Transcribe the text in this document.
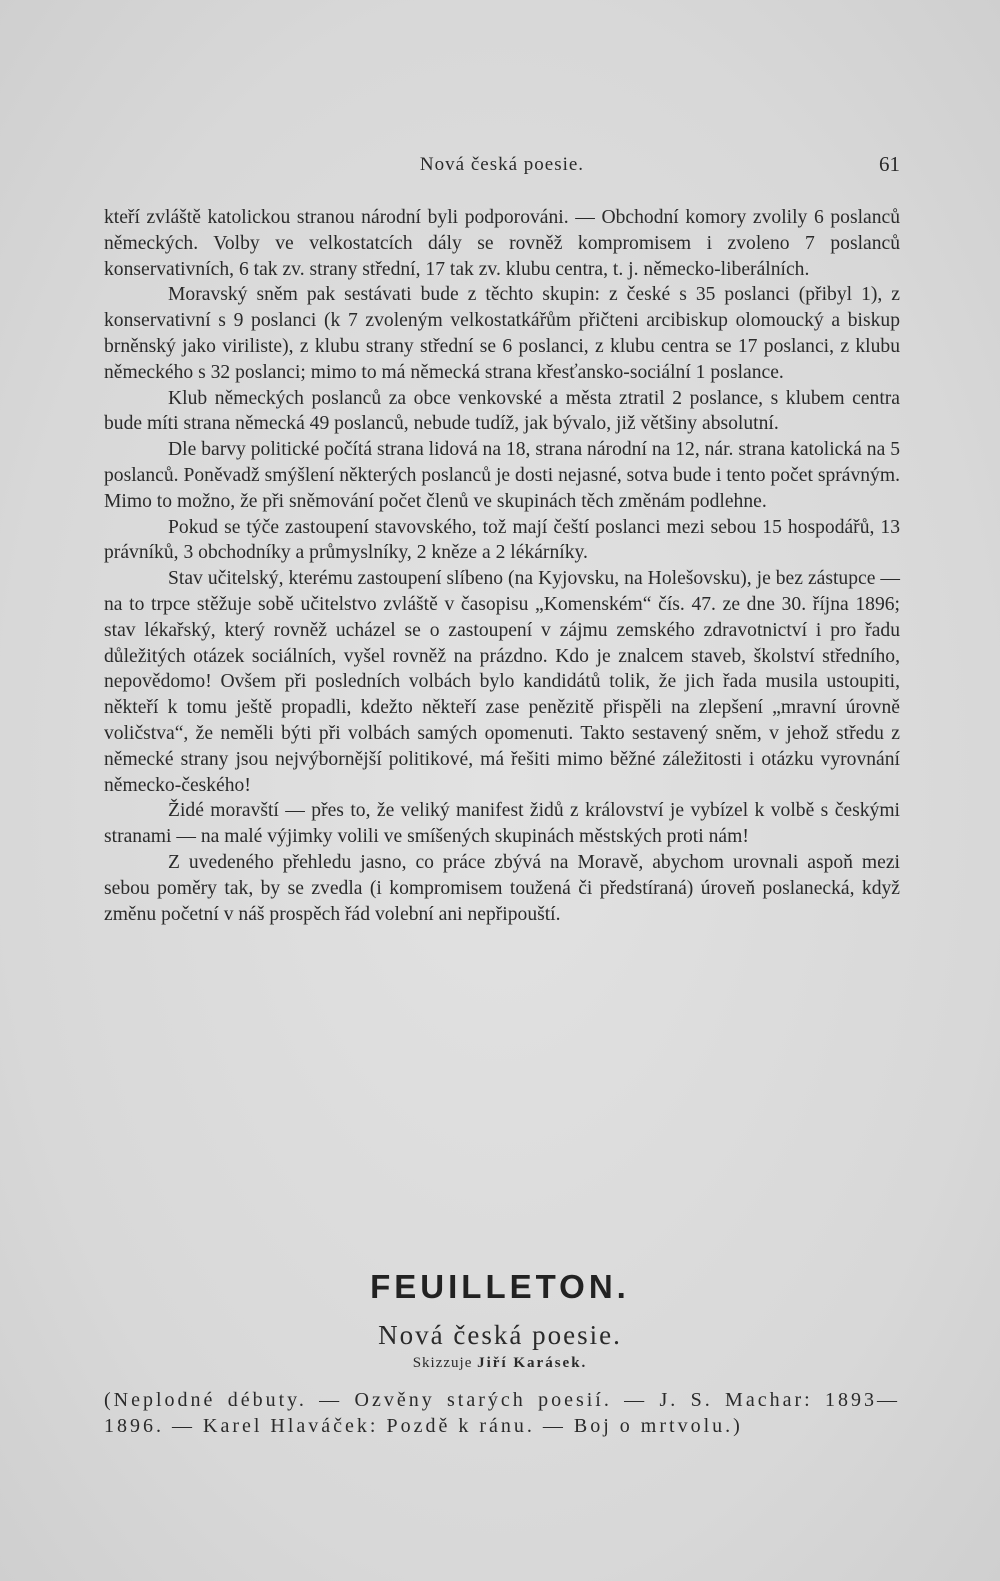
Nová česká poesie.	61

kteří zvláště katolickou stranou národní byli podporováni. — Obchodní komory zvolily 6 poslanců německých. Volby ve velkostatcích dály se rovněž kompromisem i zvoleno 7 poslanců konservativních, 6 tak zv. strany střední, 17 tak zv. klubu centra, t. j. německo-liberálních.

Moravský sněm pak sestávati bude z těchto skupin: z české s 35 poslanci (přibyl 1), z konservativní s 9 poslanci (k 7 zvoleným velkostatkářům přičteni arcibiskup olomoucký a biskup brněnský jako viriliste), z klubu strany střední se 6 poslanci, z klubu centra se 17 poslanci, z klubu německého s 32 poslanci; mimo to má německá strana křesťansko-sociální 1 poslance.

Klub německých poslanců za obce venkovské a města ztratil 2 poslance, s klubem centra bude míti strana německá 49 poslanců, nebude tudíž, jak bývalo, již většiny absolutní.

Dle barvy politické počítá strana lidová na 18, strana národní na 12, nár. strana katolická na 5 poslanců. Poněvadž smýšlení některých poslanců je dosti nejasné, sotva bude i tento počet správným. Mimo to možno, že při sněmování počet členů ve skupinách těch změnám podlehne.

Pokud se týče zastoupení stavovského, tož mají čeští poslanci mezi sebou 15 hospodářů, 13 právníků, 3 obchodníky a průmyslníky, 2 kněze a 2 lékárníky.

Stav učitelský, kterému zastoupení slíbeno (na Kyjovsku, na Holešovsku), je bez zástupce — na to trpce stěžuje sobě učitelstvo zvláště v časopisu „Komenském“ čís. 47. ze dne 30. října 1896; stav lékařský, který rovněž ucházel se o zastoupení v zájmu zemského zdravotnictví i pro řadu důležitých otázek sociálních, vyšel rovněž na prázdno. Kdo je znalcem staveb, školství středního, nepovědomo! Ovšem při posledních volbách bylo kandidátů tolik, že jich řada musila ustoupiti, někteří k tomu ještě propadli, kdežto někteří zase penězitě přispěli na zlepšení „mravní úrovně voličstva“, že neměli býti při volbách samých opomenuti. Takto sestavený sněm, v jehož středu z německé strany jsou nejvýbornější politikové, má řešiti mimo běžné záležitosti i otázku vyrovnání německo-českého!

Židé moravští — přes to, že veliký manifest židů z království je vybízel k volbě s českými stranami — na malé výjimky volili ve smíšených skupinách městských proti nám!

Z uvedeného přehledu jasno, co práce zbývá na Moravě, abychom urovnali aspoň mezi sebou poměry tak, by se zvedla (i kompromisem toužená či předstíraná) úroveň poslanecká, když změnu početní v náš prospěch řád volební ani nepřipouští.

FEUILLETON.
Nová česká poesie.
Skizzuje Jiří Karásek.
(Neplodné débuty. — Ozvěny starých poesií. — J. S. Machar: 1893—1896. — Karel Hlaváček: Pozdě k ránu. — Boj o mrtvolu.)
